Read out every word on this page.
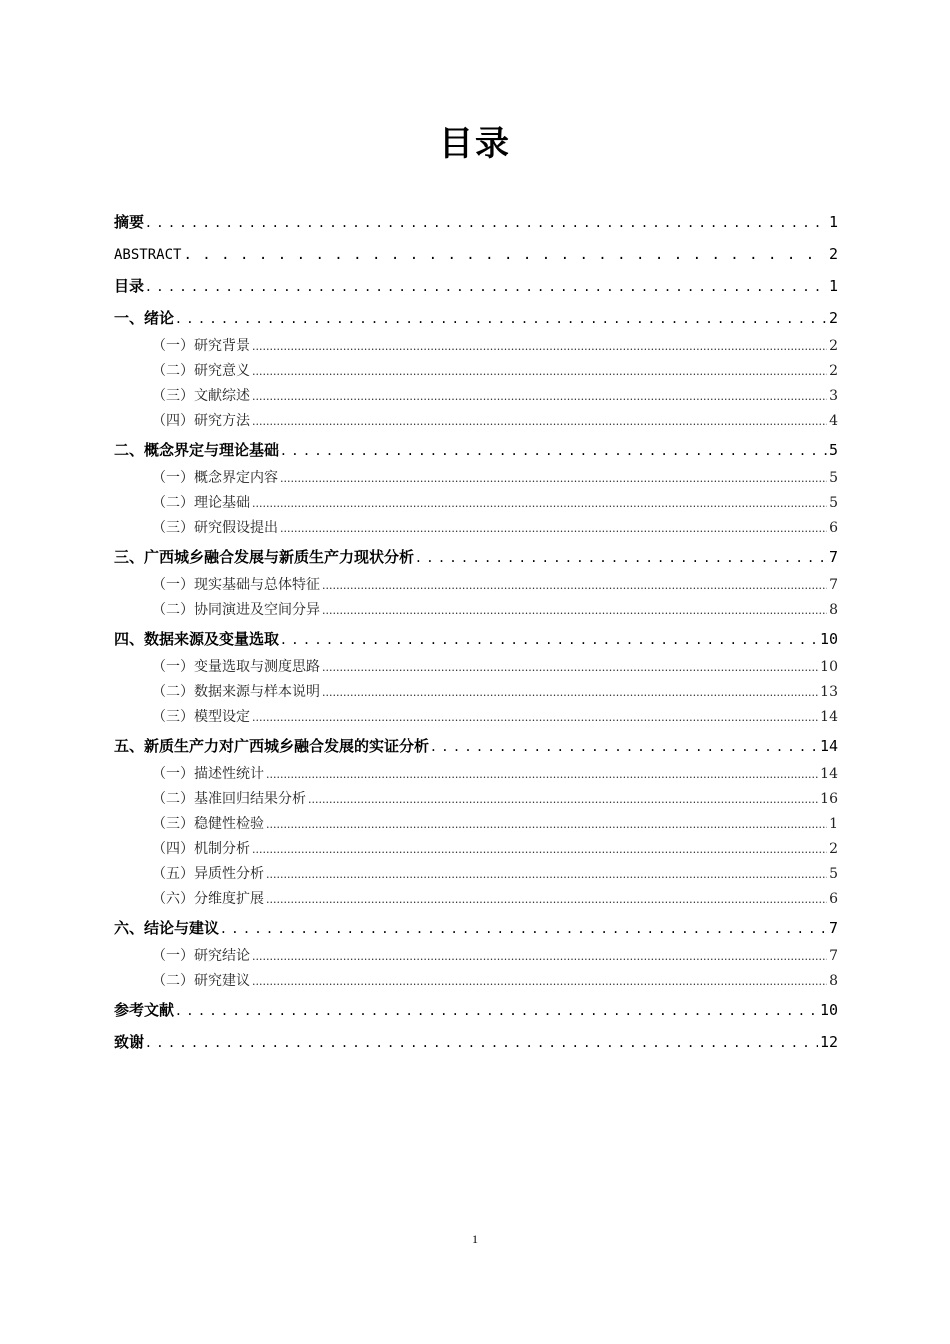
目录
摘要 . . .	1
ABSTRACT . . .	2
目录 . . .	1
一、绪论 . . .	2
（一）研究背景 .....	2
（二）研究意义 .....	2
（三）文献综述 .....	3
（四）研究方法 .....	4
二、概念界定与理论基础 . . .	5
（一）概念界定内容 .....	5
（二）理论基础 .....	5
（三）研究假设提出 .....	6
三、广西城乡融合发展与新质生产力现状分析 . . .	7
（一）现实基础与总体特征 .....	7
（二）协同演进及空间分异 .....	8
四、数据来源及变量选取 . . .	10
（一）变量选取与测度思路 .....	10
（二）数据来源与样本说明 .....	13
（三）模型设定 .....	14
五、新质生产力对广西城乡融合发展的实证分析 . . .	14
（一）描述性统计 .....	14
（二）基准回归结果分析 .....	16
（三）稳健性检验 .....	1
（四）机制分析 .....	2
（五）异质性分析 .....	5
（六）分维度扩展 .....	6
六、结论与建议 . . .	7
（一）研究结论 .....	7
（二）研究建议 .....	8
参考文献 . . .	10
致谢 . . .	12
1
